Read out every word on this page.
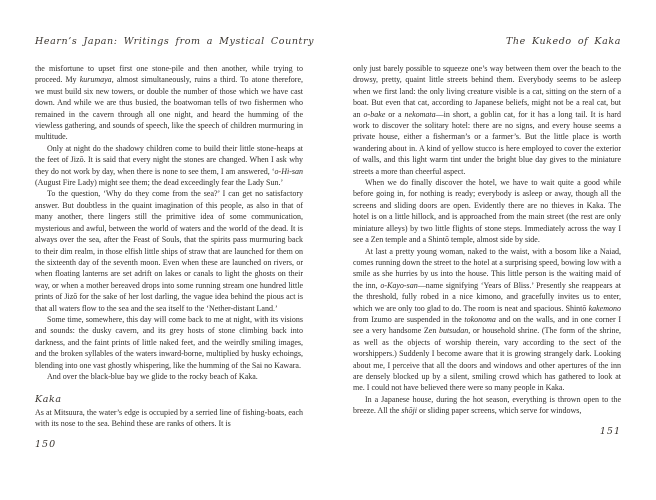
Hearn’s Japan: Writings from a Mystical Country
the misfortune to upset first one stone-pile and then another, while trying to proceed. My kurumaya, almost simultaneously, ruins a third. To atone therefore, we must build six new towers, or double the number of those which we have cast down. And while we are thus busied, the boatwoman tells of two fishermen who remained in the cavern through all one night, and heard the humming of the viewless gathering, and sounds of speech, like the speech of children murmuring in multitude.
Only at night do the shadowy children come to build their little stone-heaps at the feet of Jizō. It is said that every night the stones are changed. When I ask why they do not work by day, when there is none to see them, I am answered, ‘o-Hi-san (August Fire Lady) might see them; the dead exceedingly fear the Lady Sun.’
To the question, ‘Why do they come from the sea?’ I can get no satisfactory answer. But doubtless in the quaint imagination of this people, as also in that of many another, there lingers still the primitive idea of some communication, mysterious and awful, between the world of waters and the world of the dead. It is always over the sea, after the Feast of Souls, that the spirits pass murmuring back to their dim realm, in those elfish little ships of straw that are launched for them on the sixteenth day of the seventh moon. Even when these are launched on rivers, or when floating lanterns are set adrift on lakes or canals to light the ghosts on their way, or when a mother bereaved drops into some running stream one hundred little prints of Jizō for the sake of her lost darling, the vague idea behind the pious act is that all waters flow to the sea and the sea itself to the ‘Nether-distant Land.’
Some time, somewhere, this day will come back to me at night, with its visions and sounds: the dusky cavern, and its grey hosts of stone climbing back into darkness, and the faint prints of little naked feet, and the weirdly smiling images, and the broken syllables of the waters inward-borne, multiplied by husky echoings, blending into one vast ghostly whispering, like the humming of the Sai no Kawara.
And over the black-blue bay we glide to the rocky beach of Kaka.
Kaka
As at Mitsuura, the water’s edge is occupied by a serried line of fishing-boats, each with its nose to the sea. Behind these are ranks of others. It is
150
The Kukedo of Kaka
only just barely possible to squeeze one’s way between them over the beach to the drowsy, pretty, quaint little streets behind them. Everybody seems to be asleep when we first land: the only living creature visible is a cat, sitting on the stern of a boat. But even that cat, according to Japanese beliefs, might not be a real cat, but an o-bake or a nekomata—in short, a goblin cat, for it has a long tail. It is hard work to discover the solitary hotel: there are no signs, and every house seems a private house, either a fisherman’s or a farmer’s. But the little place is worth wandering about in. A kind of yellow stucco is here employed to cover the exterior of walls, and this light warm tint under the bright blue day gives to the miniature streets a more than cheerful aspect.
When we do finally discover the hotel, we have to wait quite a good while before going in, for nothing is ready; everybody is asleep or away, though all the screens and sliding doors are open. Evidently there are no thieves in Kaka. The hotel is on a little hillock, and is approached from the main street (the rest are only miniature alleys) by two little flights of stone steps. Immediately across the way I see a Zen temple and a Shintō temple, almost side by side.
At last a pretty young woman, naked to the waist, with a bosom like a Naiad, comes running down the street to the hotel at a surprising speed, bowing low with a smile as she hurries by us into the house. This little person is the waiting maid of the inn, o-Kayo-san—name signifying ‘Years of Bliss.’ Presently she reappears at the threshold, fully robed in a nice kimono, and gracefully invites us to enter, which we are only too glad to do. The room is neat and spacious. Shintō kakemono from Izumo are suspended in the tokonoma and on the walls, and in one corner I see a very handsome Zen butsudan, or household shrine. (The form of the shrine, as well as the objects of worship therein, vary according to the sect of the worshippers.) Suddenly I become aware that it is growing strangely dark. Looking about me, I perceive that all the doors and windows and other apertures of the inn are densely blocked up by a silent, smiling crowd which has gathered to look at me. I could not have believed there were so many people in Kaka.
In a Japanese house, during the hot season, everything is thrown open to the breeze. All the shōji or sliding paper screens, which serve for windows,
151
